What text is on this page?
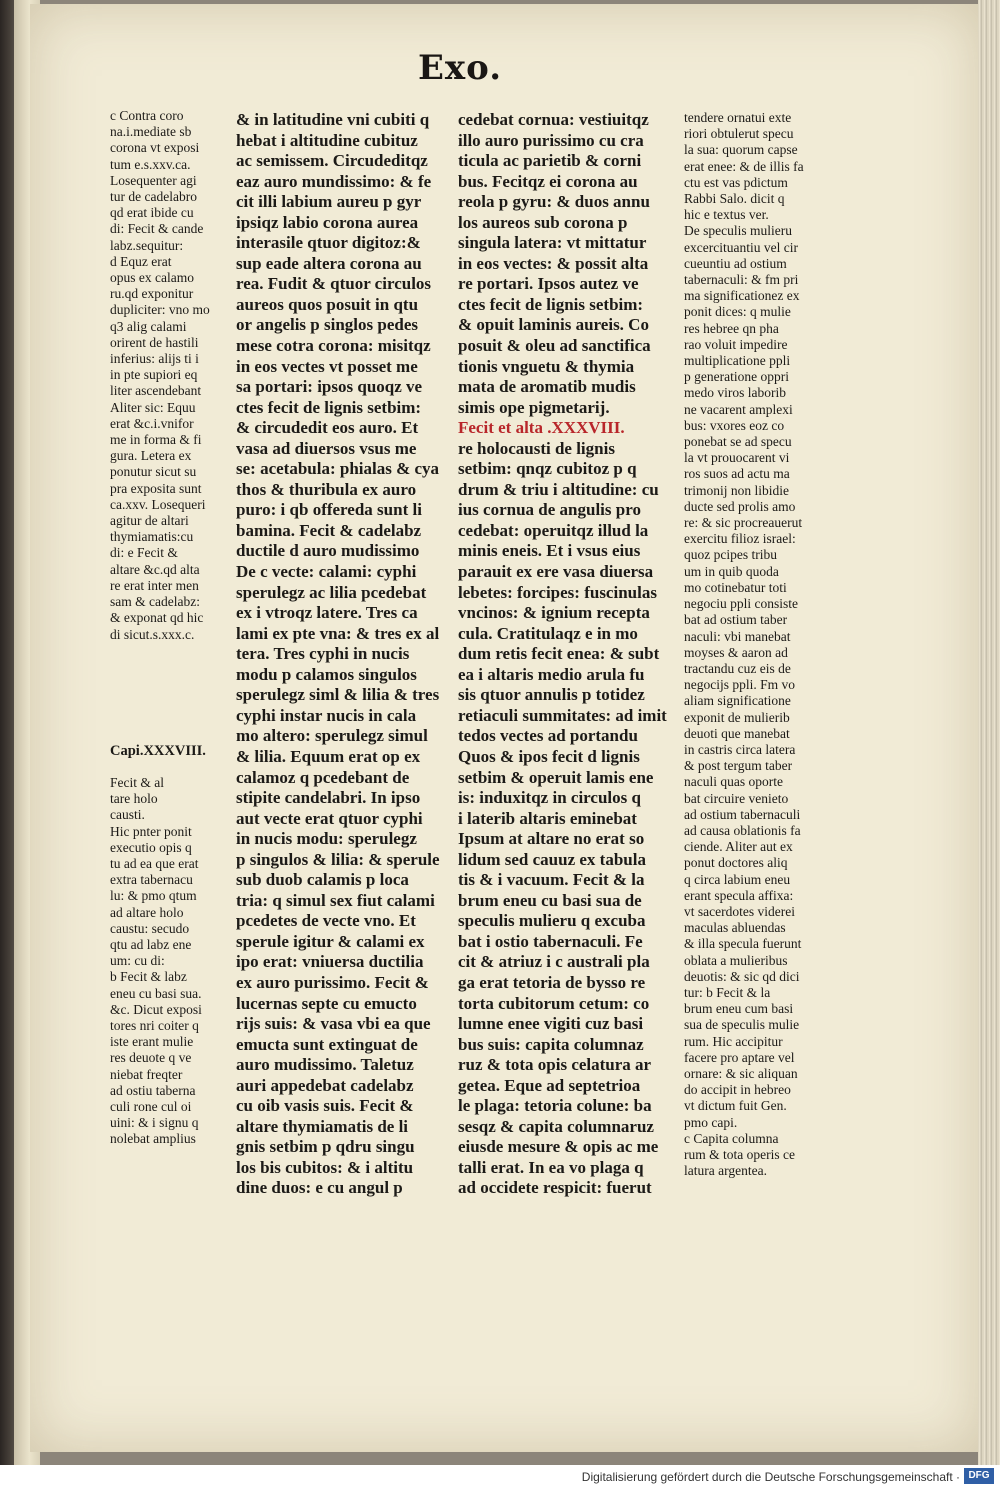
Exo.

c Contra coro

na.i.mediate sb

corona vt exposi

tum e.s.xxv.ca.

Losequenter agi

tur de cadelabro

qd erat ibide cu

di: Fecit & cande

labz.sequitur:

d Equz erat

opus ex calamo

ru.qd exponitur

dupliciter: vno mo

q3 alig calami

orirent de hastili

inferius: alijs ti i

in pte supiori eq

liter ascendebant

Aliter sic: Equu

erat &c.i.vnifor

me in forma & fi

gura. Letera ex

ponutur sicut su

pra exposita sunt

ca.xxv. Losequeri

agitur de altari

thymiamatis:cu

di: e Fecit &

altare &c.qd alta

re erat inter men

sam & cadelabz:

& exponat qd hic

di sicut.s.xxx.c.

Capi.XXXVIII.

Fecit & al

tare holo

causti.

Hic pnter ponit

executio opis q

tu ad ea que erat

extra tabernacu

lu: & pmo qtum

ad altare holo

caustu: secudo

qtu ad labz ene

um: cu di:

b Fecit & labz

eneu cu basi sua.

&c. Dicut exposi

tores nri coiter q

iste erant mulie

res deuote q ve

niebat freqter

ad ostiu taberna

culi rone cul oi

uini: & i signu q

nolebat amplius

& in latitudine vni cubiti q

hebat i altitudine cubituz

ac semissem. Circudeditqz

eaz auro mundissimo: & fe

cit illi labium aureu p gyr

ipsiqz labio corona aurea

interasile qtuor digitoz:&

sup eade altera corona au

rea. Fudit & qtuor circulos

aureos quos posuit in qtu

or angelis p singlos pedes

mese cotra corona: misitqz

in eos vectes vt posset me

sa portari: ipsos quoqz ve

ctes fecit de lignis setbim:

& circudedit eos auro. Et

vasa ad diuersos vsus me

se: acetabula: phialas & cya

thos & thuribula ex auro

puro: i qb offereda sunt li

bamina. Fecit & cadelabz

ductile d auro mudissimo

De c vecte: calami: cyphi

sperulegz ac lilia pcedebat

ex i vtroqz latere. Tres ca

lami ex pte vna: & tres ex al

tera. Tres cyphi in nucis

modu p calamos singulos

sperulegz siml & lilia & tres

cyphi instar nucis in cala

mo altero: sperulegz simul

& lilia. Equum erat op ex

calamoz q pcedebant de

stipite candelabri. In ipso

aut vecte erat qtuor cyphi

in nucis modu: sperulegz

p singulos & lilia: & sperule

sub duob calamis p loca

tria: q simul sex fiut calami

pcedetes de vecte vno. Et

sperule igitur & calami ex

ipo erat: vniuersa ductilia

ex auro purissimo. Fecit &

lucernas septe cu emucto

rijs suis: & vasa vbi ea que

emucta sunt extinguat de

auro mudissimo. Taletuz

auri appedebat cadelabz

cu oib vasis suis. Fecit &

altare thymiamatis de li

gnis setbim p qdru singu

los bis cubitos: & i altitu

dine duos: e cu angul p

cedebat cornua: vestiuitqz

illo auro purissimo cu cra

ticula ac parietib & corni

bus. Fecitqz ei corona au

reola p gyru: & duos annu

los aureos sub corona p

singula latera: vt mittatur

in eos vectes: & possit alta

re portari. Ipsos autez ve

ctes fecit de lignis setbim:

& opuit laminis aureis. Co

posuit & oleu ad sanctifica

tionis vnguetu & thymia

mata de aromatib mudis

simis ope pigmetarij.

Fecit et alta .XXXVIII.

re holocausti de lignis

setbim: qnqz cubitoz p q

drum & triu i altitudine: cu

ius cornua de angulis pro

cedebat: operuitqz illud la

minis eneis. Et i vsus eius

parauit ex ere vasa diuersa

lebetes: forcipes: fuscinulas

vncinos: & ignium recepta

cula. Cratitulaqz e in mo

dum retis fecit enea: & subt

ea i altaris medio arula fu

sis qtuor annulis p totidez

retiaculi summitates: ad imit

tedos vectes ad portandu

Quos & ipos fecit d lignis

setbim & operuit lamis ene

is: induxitqz in circulos q

i laterib altaris eminebat

Ipsum at altare no erat so

lidum sed cauuz ex tabula

tis & i vacuum. Fecit & la

brum eneu cu basi sua de

speculis mulieru q excuba

bat i ostio tabernaculi. Fe

cit & atriuz i c australi pla

ga erat tetoria de bysso re

torta cubitorum cetum: co

lumne enee vigiti cuz basi

bus suis: capita columnaz

ruz & tota opis celatura ar

getea. Eque ad septetrioa

le plaga: tetoria colune: ba

sesqz & capita columnaruz

eiusde mesure & opis ac me

talli erat. In ea vo plaga q

ad occidete respicit: fuerut

tendere ornatui exte

riori obtulerut specu

la sua: quorum capse

erat enee: & de illis fa

ctu est vas pdictum

Rabbi Salo. dicit q

hic e textus ver.

De speculis mulieru

excercituantiu vel cir

cueuntiu ad ostium

tabernaculi: & fm pri

ma significationez ex

ponit dices: q mulie

res hebree qn pha

rao voluit impedire

multiplicatione ppli

p generatione oppri

medo viros laborib

ne vacarent amplexi

bus: vxores eoz co

ponebat se ad specu

la vt prouocarent vi

ros suos ad actu ma

trimonij non libidie

ducte sed prolis amo

re: & sic procreauerut

exercitu filioz israel:

quoz pcipes tribu

um in quib quoda

mo cotinebatur toti

negociu ppli consiste

bat ad ostium taber

naculi: vbi manebat

moyses & aaron ad

tractandu cuz eis de

negocijs ppli. Fm vo

aliam significatione

exponit de mulierib

deuoti que manebat

in castris circa latera

& post tergum taber

naculi quas oporte

bat circuire venieto

ad ostium tabernaculi

ad causa oblationis fa

ciende. Aliter aut ex

ponut doctores aliq

q circa labium eneu

erant specula affixa:

vt sacerdotes viderei

maculas abluendas

& illa specula fuerunt

oblata a mulieribus

deuotis: & sic qd dici

tur: b Fecit & la

brum eneu cum basi

sua de speculis mulie

rum. Hic accipitur

facere pro aptare vel

ornare: & sic aliquan

do accipit in hebreo

vt dictum fuit Gen.

pmo capi.

c Capita columna

rum & tota operis ce

latura argentea.

Digitalisierung gefördert durch die Deutsche Forschungsgemeinschaft · DFG
